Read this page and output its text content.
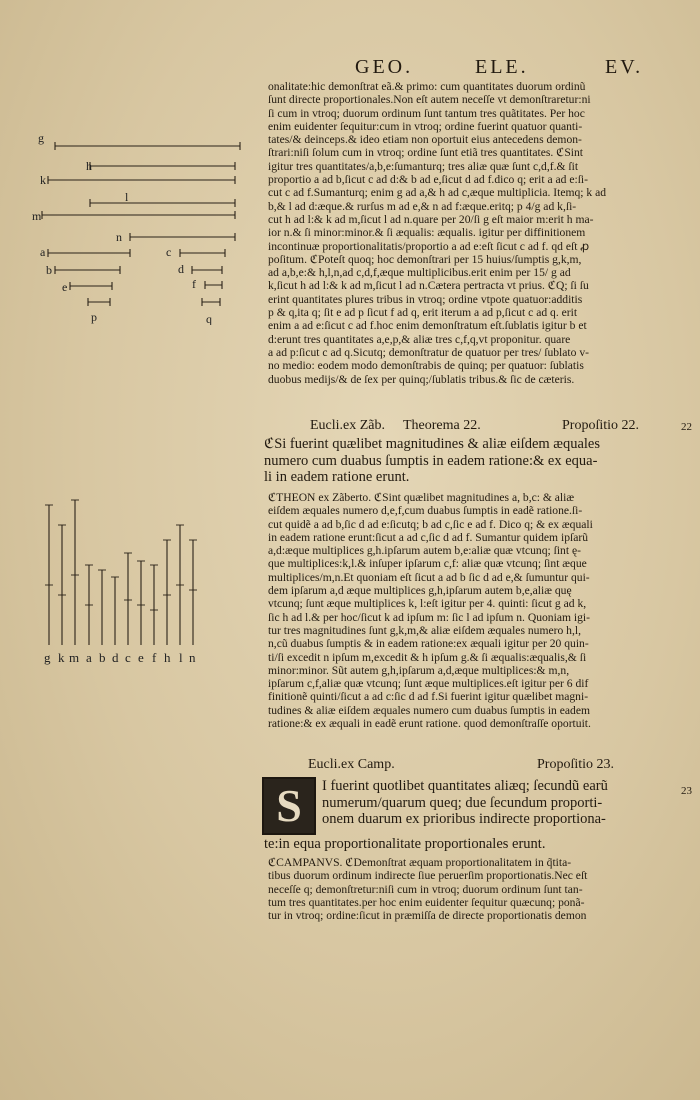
GEO.	ELE.	EV.

onalitate:hic demonſtrat eã.& primo: cum quantitates duorum ordinũ

ſunt directe proportionales.Non eſt autem neceſſe vt demonſtraretur:ni

ſi cum in vtroq; duorum ordinum ſunt tantum tres quãtitates. Per hoc

enim euidenter ſequitur:cum in vtroq; ordine fuerint quatuor quanti-

tates/& deinceps.& ideo etiam non oportuit eius antecedens demon-

ſtrari:niſi ſolum cum in vtroq; ordine ſunt etiã tres quantitates. ℭSint

igitur tres quantitates/a,b,e:ſumanturq; tres aliæ quæ ſunt c,d,f.& ſit

proportio a ad b,ſicut c ad d:& b ad e,ſicut d ad f.dico q; erit a ad e:ſi-

cut c ad f.Sumanturq; enim g ad a,& h ad c,æque multiplicia. Itemq; k ad

b,& l ad d:æque.& rurſus m ad e,& n ad f:æque.eritq; p 4/g ad k,ſi-

cut h ad l:& k ad m,ſicut l ad n.quare per 20/ſi g eſt maior m:erit h ma-

ior n.& ſi minor:minor.& ſi æqualis: æqualis. igitur per diffinitionem

incontinuæ proportionalitatis/proportio a ad e:eſt ſicut c ad f. qd eſt ꝓ

poſitum. ℭPoteſt quoq; hoc demonſtrari per 15 huius/ſumptis g,k,m,

ad a,b,e:& h,l,n,ad c,d,f,æque multiplicibus.erit enim per 15/ g ad

k,ſicut h ad l:& k ad m,ſicut l ad n.Cætera pertracta vt prius. ℭQ; ſi ſu

erint quantitates plures tribus in vtroq; ordine vtpote quatuor:additis

p & q,ita q; ſit e ad p ſicut f ad q, erit iterum a ad p,ſicut c ad q. erit

enim a ad e:ſicut c ad f.hoc enim demonſtratum eſt.ſublatis igitur b et

d:erunt tres quantitates a,e,p,& aliæ tres c,f,q,vt proponitur. quare

a ad p:ſicut c ad q.Sicutq; demonſtratur de quatuor per tres/ ſublato v-

no medio: eodem modo demonſtrabis de quinq; per quatuor: ſublatis

duobus medijs/& de ſex per quinq;/ſublatis tribus.& ſic de cæteris.

Eucli.ex Zãb. Theorema 22.	Propoſitio 22.	22

ℭSi fuerint quælibet magnitudines & aliæ eiſdem æquales

numero cum duabus ſumptis in eadem ratione:& ex equa-

li in eadem ratione erunt.

ℭTHEON ex Zãberto. ℭSint quælibet magnitudines a, b,c: & aliæ

eiſdem æquales numero d,e,f,cum duabus ſumptis in eadẽ ratione.ſi-

cut quidẽ a ad b,ſic d ad e:ſicutq; b ad c,ſic e ad f. Dico q; & ex æquali

in eadem ratione erunt:ſicut a ad c,ſic d ad f. Sumantur quidem ipſarũ

a,d:æque multiplices g,h.ipſarum autem b,e:aliæ quæ vtcunq; ſint ę-

que multiplices:k,l.& inſuper ipſarum c,f: aliæ quæ vtcunq; ſint æque

multiplices/m,n.Et quoniam eſt ſicut a ad b ſic d ad e,& ſumuntur qui-

dem ipſarum a,d æque multiplices g,h,ipſarum autem b,e,aliæ quę

vtcunq; ſunt æque multiplices k, l:eſt igitur per 4. quinti: ſicut g ad k,

ſic h ad l.& per hoc/ſicut k ad ipſum m: ſic l ad ipſum n. Quoniam igi-

tur tres magnitudines ſunt g,k,m,& aliæ eiſdem æquales numero h,l,

n,cũ duabus ſumptis & in eadem ratione:ex æquali igitur per 20 quin-

ti/ſi excedit n ipſum m,excedit & h ipſum g.& ſi æqualis:æqualis,& ſi

minor:minor. Sũt autem g,h,ipſarum a,d,æque multiplices:& m,n,

ipſarum c,f,aliæ quæ vtcunq; ſunt æque multiplices.eſt igitur per 6 dif

finitionẽ quinti/ſicut a ad c:ſic d ad f.Si fuerint igitur quælibet magni-

tudines & aliæ eiſdem æquales numero cum duabus ſumptis in eadem

ratione:& ex æquali in eadẽ erunt ratione. quod demonſtraſſe oportuit.

Eucli.ex Camp.	Propoſitio 23.
23
S I fuerint quotlibet quantitates aliæq; ſecundũ earũ

numerum/quarum queq; due ſecundum proporti-

onem duarum ex prioribus indirecte proportiona-

te:in equa proportionalitate proportionales erunt.

ℭCAMPANVS. ℭDemonſtrat æquam proportionalitatem in q̃tita-

tibus duorum ordinum indirecte ſiue peruerſim proportionatis.Nec eſt

neceſſe q; demonſtretur:niſi cum in vtroq; duorum ordinum ſunt tan-

tum tres quantitates.per hoc enim euidenter ſequitur quæcunq; ponã-

tur in vtroq; ordine:ſicut in præmiſſa de directe proportionatis demon

g
h
k
l
m
n
a	c
b	d
e	f
p	q
g k m a b d c e f h l n
